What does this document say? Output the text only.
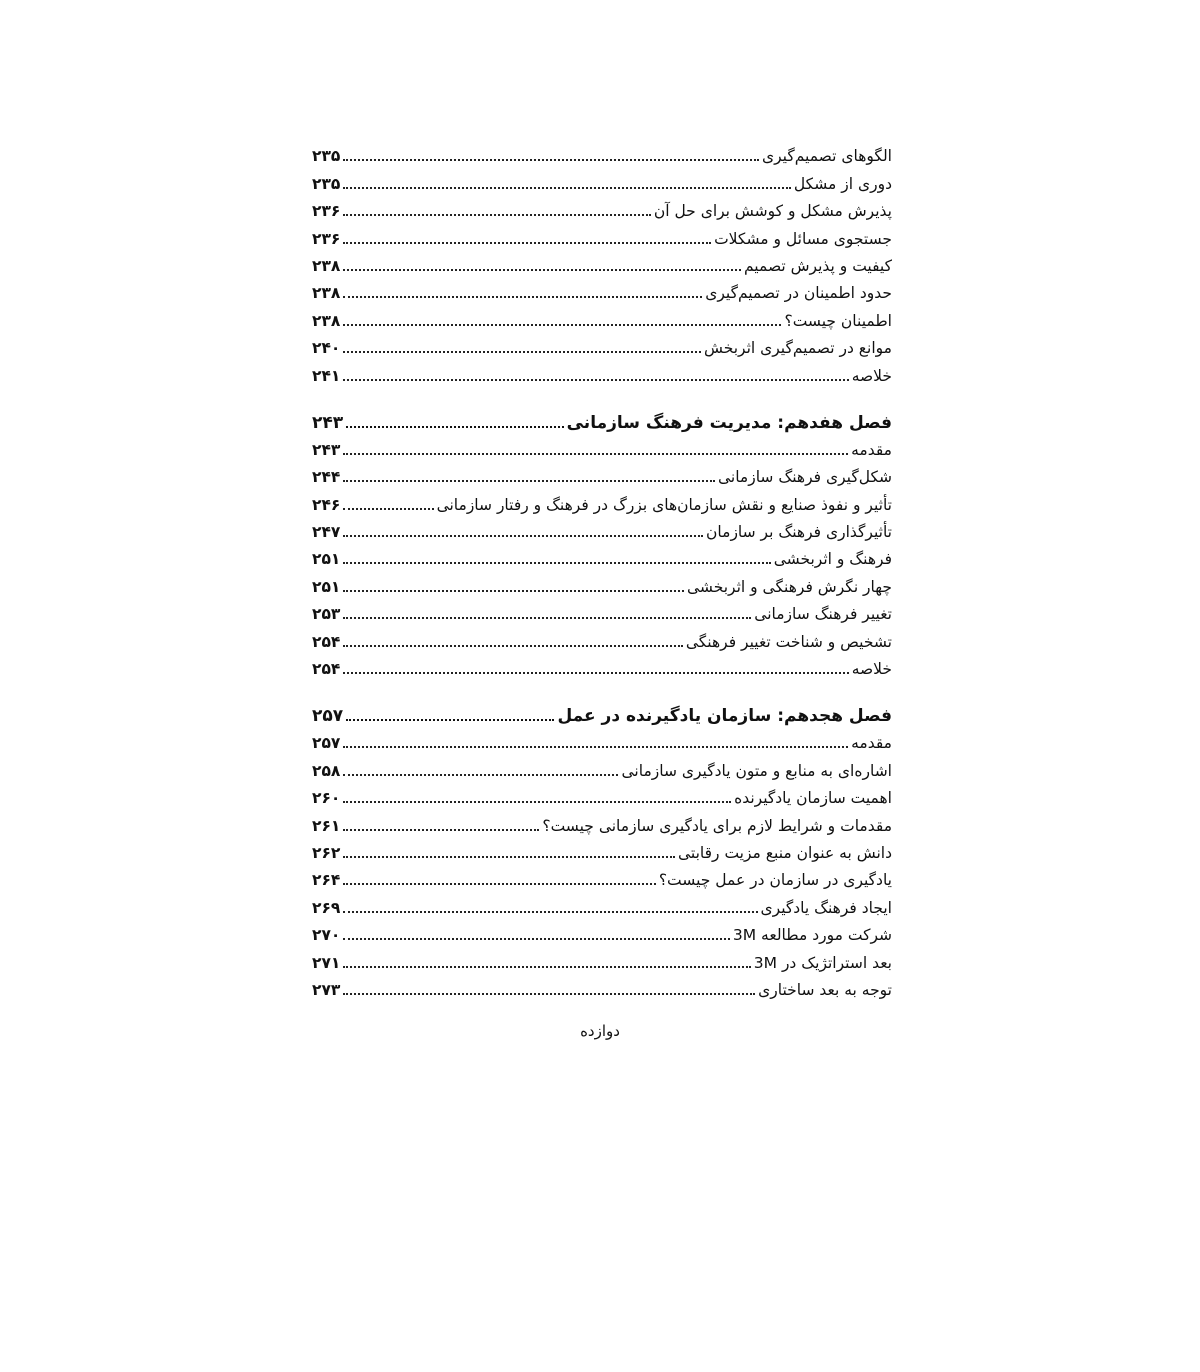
الگوهای تصمیم‌گیری
۲۳۵
دوری از مشکل
۲۳۵
پذیرش مشکل و کوشش برای حل آن
۲۳۶
جستجوی مسائل و مشکلات
۲۳۶
کیفیت و پذیرش تصمیم
۲۳۸
حدود اطمینان در تصمیم‌گیری
۲۳۸
اطمینان چیست؟
۲۳۸
موانع در تصمیم‌گیری اثربخش
۲۴۰
خلاصه
۲۴۱
فصل هفدهم: مدیریت فرهنگ سازمانی
۲۴۳
مقدمه
۲۴۳
شکل‌گیری فرهنگ سازمانی
۲۴۴
تأثیر و نفوذ صنایع و نقش سازمان‌های بزرگ در فرهنگ و رفتار سازمانی
۲۴۶
تأثیرگذاری فرهنگ بر سازمان
۲۴۷
فرهنگ و اثربخشی
۲۵۱
چهار نگرش فرهنگی و اثربخشی
۲۵۱
تغییر فرهنگ سازمانی
۲۵۳
تشخیص و شناخت تغییر فرهنگی
۲۵۴
خلاصه
۲۵۴
فصل هجدهم: سازمان یادگیرنده در عمل
۲۵۷
مقدمه
۲۵۷
اشاره‌ای به منابع و متون یادگیری سازمانی
۲۵۸
اهمیت سازمان یادگیرنده
۲۶۰
مقدمات و شرایط لازم برای یادگیری سازمانی چیست؟
۲۶۱
دانش به عنوان منبع مزیت رقابتی
۲۶۲
یادگیری در سازمان در عمل چیست؟
۲۶۴
ایجاد فرهنگ یادگیری
۲۶۹
شرکت مورد مطالعه 3M
۲۷۰
بعد استراتژیک در 3M
۲۷۱
توجه به بعد ساختاری
۲۷۳
دوازده
